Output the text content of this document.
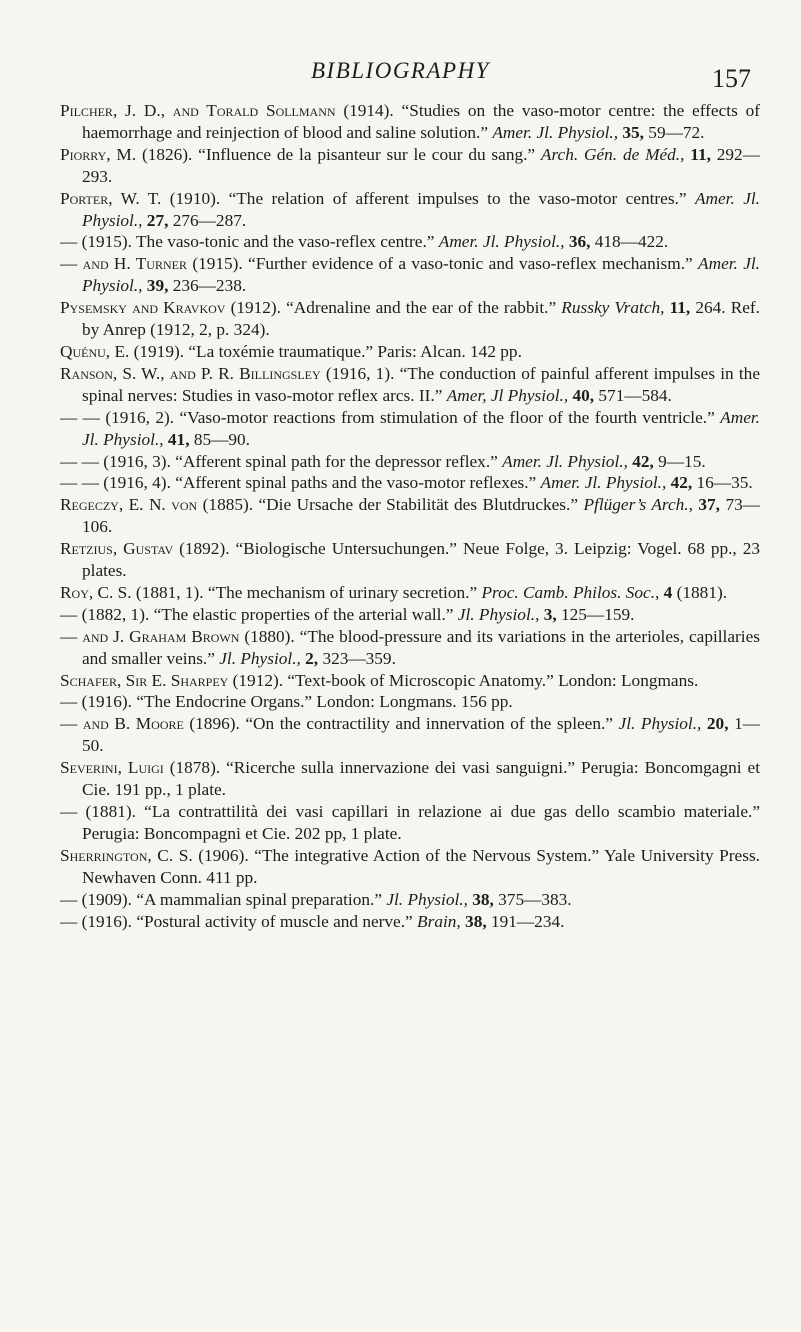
BIBLIOGRAPHY	157

Pilcher, J. D., and Torald Sollmann (1914). “Studies on the vaso-motor centre: the effects of haemorrhage and reinjection of blood and saline solution.” Amer. Jl. Physiol., 35, 59—72.

Piorry, M. (1826). “Influence de la pisanteur sur le cour du sang.” Arch. Gén. de Méd., 11, 292—293.

Porter, W. T. (1910). “The relation of afferent impulses to the vaso-motor centres.” Amer. Jl. Physiol., 27, 276—287.

— (1915). The vaso-tonic and the vaso-reflex centre.” Amer. Jl. Physiol., 36, 418—422.

— and H. Turner (1915). “Further evidence of a vaso-tonic and vaso-reflex mechanism.” Amer. Jl. Physiol., 39, 236—238.

Pysemsky and Kravkov (1912). “Adrenaline and the ear of the rabbit.” Russky Vratch, 11, 264. Ref. by Anrep (1912, 2, p. 324).

Quénu, E. (1919). “La toxémie traumatique.” Paris: Alcan. 142 pp.

Ranson, S. W., and P. R. Billingsley (1916, 1). “The conduction of painful afferent impulses in the spinal nerves: Studies in vaso-motor reflex arcs. II.” Amer, Jl Physiol., 40, 571—584.

— — (1916, 2). “Vaso-motor reactions from stimulation of the floor of the fourth ventricle.” Amer. Jl. Physiol., 41, 85—90.

— — (1916, 3). “Afferent spinal path for the depressor reflex.” Amer. Jl. Physiol., 42, 9—15.

— — (1916, 4). “Afferent spinal paths and the vaso-motor reflexes.” Amer. Jl. Physiol., 42, 16—35.

Regeczy, E. N. von (1885). “Die Ursache der Stabilität des Blutdruckes.” Pflüger’s Arch., 37, 73—106.

Retzius, Gustav (1892). “Biologische Untersuchungen.” Neue Folge, 3. Leipzig: Vogel. 68 pp., 23 plates.

Roy, C. S. (1881, 1). “The mechanism of urinary secretion.” Proc. Camb. Philos. Soc., 4 (1881).

— (1882, 1). “The elastic properties of the arterial wall.” Jl. Physiol., 3, 125—159.

— and J. Graham Brown (1880). “The blood-pressure and its variations in the arterioles, capillaries and smaller veins.” Jl. Physiol., 2, 323—359.

Schafer, Sir E. Sharpey (1912). “Text-book of Microscopic Anatomy.” London: Longmans.

— (1916). “The Endocrine Organs.” London: Longmans. 156 pp.

— and B. Moore (1896). “On the contractility and innervation of the spleen.” Jl. Physiol., 20, 1—50.

Severini, Luigi (1878). “Ricerche sulla innervazione dei vasi sanguigni.” Perugia: Boncomgagni et Cie. 191 pp., 1 plate.

— (1881). “La contrattilità dei vasi capillari in relazione ai due gas dello scambio materiale.” Perugia: Boncompagni et Cie. 202 pp, 1 plate.

Sherrington, C. S. (1906). “The integrative Action of the Nervous System.” Yale University Press. Newhaven Conn. 411 pp.

— (1909). “A mammalian spinal preparation.” Jl. Physiol., 38, 375—383.

— (1916). “Postural activity of muscle and nerve.” Brain, 38, 191—234.
